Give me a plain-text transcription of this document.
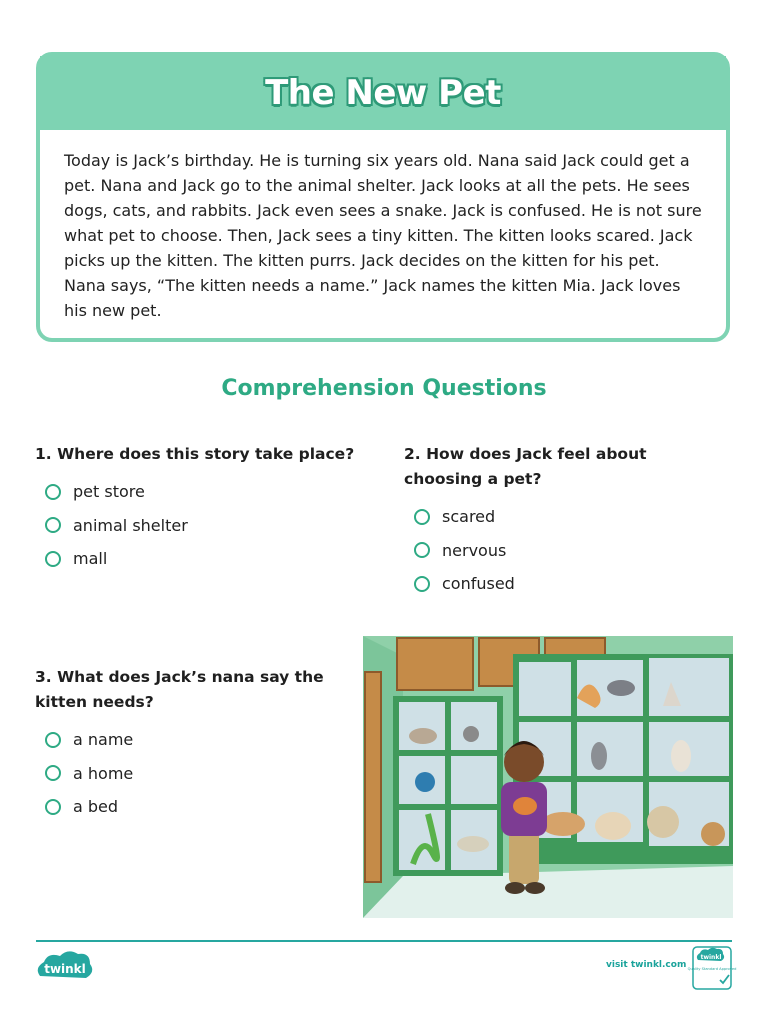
The New Pet
Today is Jack’s birthday. He is turning six years old. Nana said Jack could get a pet. Nana and Jack go to the animal shelter. Jack looks at all the pets. He sees dogs, cats, and rabbits. Jack even sees a snake. Jack is confused. He is not sure what pet to choose. Then, Jack sees a tiny kitten. The kitten looks scared. Jack picks up the kitten. The kitten purrs. Jack decides on the kitten for his pet. Nana says, “The kitten needs a name.” Jack names the kitten Mia. Jack loves his new pet.
Comprehension Questions
1. Where does this story take place?
pet store
animal shelter
mall
2. How does Jack feel about choosing a pet?
scared
nervous
confused
3. What does Jack’s nana say the kitten needs?
a name
a home
a bed
twinkl	visit twinkl.com
twinkl
Quality Standard Approved
